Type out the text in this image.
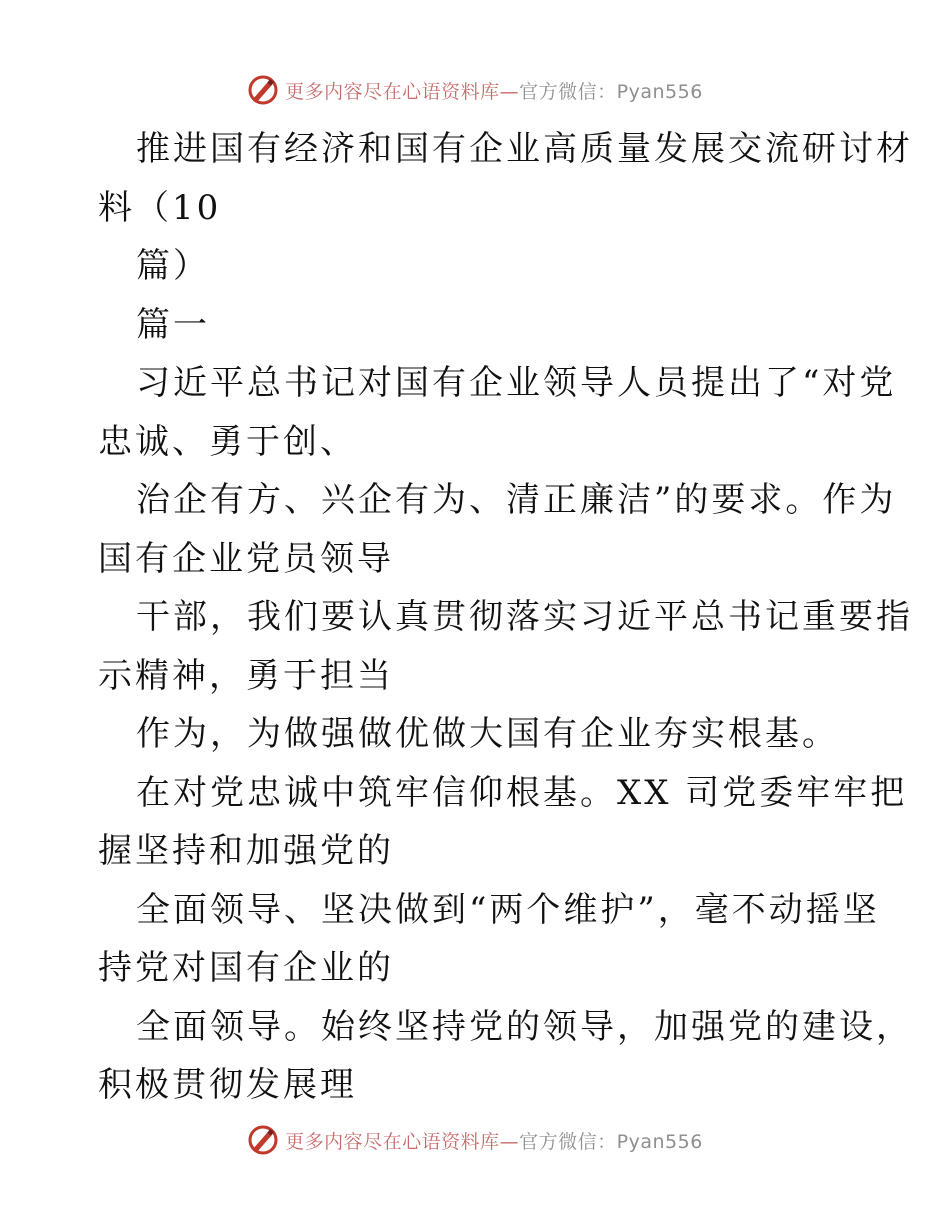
更多内容尽在心语资料库—官方微信：Pyan556
推进国有经济和国有企业高质量发展交流研讨材
料（10
篇）
篇一
习近平总书记对国有企业领导人员提出了“对党
忠诚、勇于创、
治企有方、兴企有为、清正廉洁”的要求。作为
国有企业党员领导
干部，我们要认真贯彻落实习近平总书记重要指
示精神，勇于担当
作为，为做强做优做大国有企业夯实根基。
在对党忠诚中筑牢信仰根基。XX 司党委牢牢把
握坚持和加强党的
全面领导、坚决做到“两个维护”，毫不动摇坚
持党对国有企业的
全面领导。始终坚持党的领导，加强党的建设，
积极贯彻发展理
更多内容尽在心语资料库—官方微信：Pyan556
